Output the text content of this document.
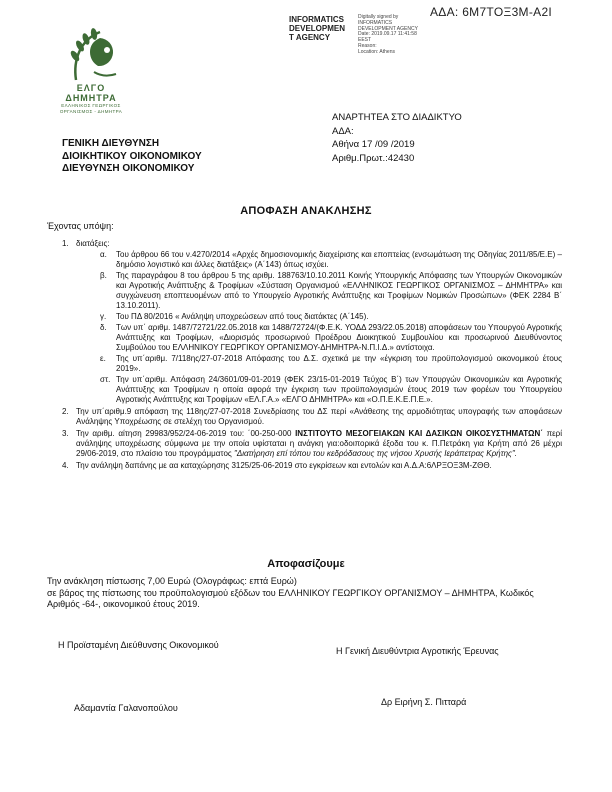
ΑΔΑ: 6Μ7ΤΟΞ3Μ-Α2Ι
INFORMATICS
DEVELOPMEN
T AGENCY
Digitally signed by
INFORMATICS
DEVELOPMENT AGENCY
Date: 2019.09.17 11:41:58
EEST
Reason:
Location: Athens
ΕΛΓΟ ΔΗΜΗΤΡΑ
ΕΛΛΗΝΙΚΟΣ ΓΕΩΡΓΙΚΟΣ
ΟΡΓΑΝΙΣΜΟΣ - ΔΗΜΗΤΡΑ
ΑΝΑΡΤΗΤΕΑ ΣΤΟ ΔΙΑΔΙΚΤΥΟ
ΑΔΑ:
Αθήνα 17 /09 /2019
Αριθμ.Πρωτ.:42430
ΓΕΝΙΚΗ ΔΙΕΥΘΥΝΣΗ
ΔΙΟΙΚΗΤΙΚΟΥ ΟΙΚΟΝΟΜΙΚΟΥ
ΔΙΕΥΘΥΝΣΗ ΟΙΚΟΝΟΜΙΚΟΥ
ΑΠΟΦΑΣΗ ΑΝΑΚΛΗΣΗΣ
Έχοντας υπόψη:
1. διατάξεις:
α.	Του άρθρου 66 του ν.4270/2014 «Αρχές δημοσιονομικής διαχείρισης και εποπτείας (ενσωμάτωση της Οδηγίας 2011/85/Ε.Ε) –δημόσιο λογιστικό και άλλες διατάξεις» (Α΄143) όπως ισχύει.
β.	Της παραγράφου 8 του άρθρου 5 της αριθμ. 188763/10.10.2011 Κοινής Υπουργικής Απόφασης των Υπουργών Οικονομικών και Αγροτικής Ανάπτυξης & Τροφίμων «Σύσταση Οργανισμού «ΕΛΛΗΝΙΚΟΣ ΓΕΩΡΓΙΚΟΣ ΟΡΓΑΝΙΣΜΟΣ – ΔΗΜΗΤΡΑ» και συγχώνευση εποπτευομένων από το Υπουργείο Αγροτικής Ανάπτυξης και Τροφίμων Νομικών Προσώπων» (ΦΕΚ 2284 Β΄ 13.10.2011).
γ.	Του ΠΔ 80/2016 « Ανάληψη υποχρεώσεων από τους διατάκτες (Α΄145).
δ.	Των υπ΄ αριθμ. 1487/72721/22.05.2018 και 1488/72724/(Φ.Ε.Κ. ΥΟΔΔ 293/22.05.2018) αποφάσεων του Υπουργού Αγροτικής Ανάπτυξης και Τροφίμων, «Διορισμός προσωρινού Προέδρου Διοικητικού Συμβουλίου και προσωρινού Διευθύνοντος Συμβούλου του ΕΛΛΗΝΙΚΟΥ ΓΕΩΡΓΙΚΟΥ ΟΡΓΑΝΙΣΜΟΥ-ΔΗΜΗΤΡΑ-Ν.Π.Ι.Δ.» αντίστοιχα.
ε.	Της υπ΄αριθμ. 7/118ης/27-07-2018 Απόφασης του Δ.Σ. σχετικά με την «έγκριση του προϋπολογισμού οικονομικού έτους 2019».
στ. Την υπ΄αριθμ. Απόφαση 24/3601/09-01-2019 (ΦΕΚ 23/15-01-2019 Τεύχος Β΄) των Υπουργών Οικονομικών και Αγροτικής Ανάπτυξης και Τροφίμων η οποία αφορά την έγκριση των προϋπολογισμών έτους 2019 των φορέων του Υπουργείου Αγροτικής Ανάπτυξης και Τροφίμων «ΕΛ.Γ.Α.» «ΕΛΓΟ ΔΗΜΗΤΡΑ» και «Ο.Π.Ε.Κ.Ε.Π.Ε.».
2. Την υπ΄αριθμ.9 απόφαση της 118ης/27-07-2018 Συνεδρίασης του ΔΣ περί «Ανάθεσης της αρμοδιότητας υπογραφής των αποφάσεων Ανάληψης Υποχρέωσης σε στελέχη του Οργανισμού.
3. Την αριθμ. αίτηση 29983/952/24-06-2019 του: ΄00-250-000 ΙΝΣΤΙΤΟΥΤΟ ΜΕΣΟΓΕΙΑΚΩΝ ΚΑΙ ΔΑΣΙΚΩΝ ΟΙΚΟΣΥΣΤΗΜΑΤΩΝ΄ περί ανάληψης υποχρέωσης σύμφωνα με την οποία υφίσταται η ανάγκη για:οδοιπορικά έξοδα του κ. Π.Πετράκη για Κρήτη από 26 μέχρι 29/06-2019, στο πλαίσιο του προγράμματος "Διατήρηση επί τόπου του κεδρόδασους της νήσου Χρυσής Ιεράπετρας Κρήτης".
4. Την ανάληψη δαπάνης με αα καταχώρησης 3125/25-06-2019 στο εγκρίσεων και εντολών και Α.Δ.Α:6ΛΡΞΟΞ3Μ-ΖΘΘ.
Αποφασίζουμε
Την ανάκληση πίστωσης 7,00 Ευρώ (Ολογράφως: επτά Ευρώ)
σε βάρος της πίστωσης του προϋπολογισμού εξόδων του ΕΛΛΗΝΙΚΟΥ ΓΕΩΡΓΙΚΟΥ ΟΡΓΑΝΙΣΜΟΥ – ΔΗΜΗΤΡΑ, Κωδικός Αριθμός -64-, οικονομικού έτους 2019.
Η Προϊσταμένη Διεύθυνσης Οικονομικού
Η Γενική Διευθύντρια Αγροτικής Έρευνας
Αδαμαντία Γαλανοπούλου
Δρ Ειρήνη Σ. Πιτταρά
